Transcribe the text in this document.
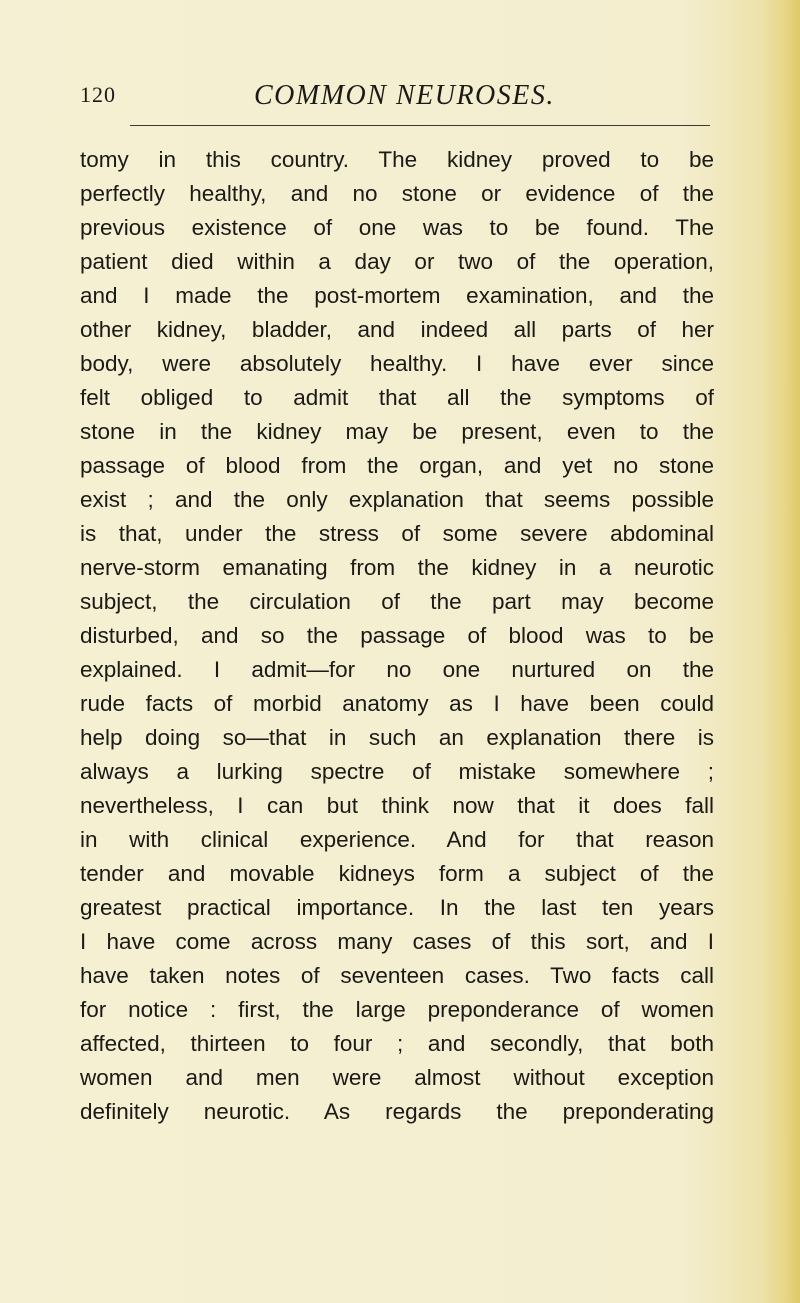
120	COMMON NEUROSES.
tomy in this country. The kidney proved to be
perfectly healthy, and no stone or evidence of the
previous existence of one was to be found. The
patient died within a day or two of the operation,
and I made the post-mortem examination, and the
other kidney, bladder, and indeed all parts of her
body, were absolutely healthy. I have ever since
felt obliged to admit that all the symptoms of
stone in the kidney may be present, even to the
passage of blood from the organ, and yet no stone
exist ; and the only explanation that seems possible
is that, under the stress of some severe abdominal
nerve-storm emanating from the kidney in a neurotic
subject, the circulation of the part may become
disturbed, and so the passage of blood was to be
explained. I admit—for no one nurtured on the
rude facts of morbid anatomy as I have been could
help doing so—that in such an explanation there is
always a lurking spectre of mistake somewhere ;
nevertheless, I can but think now that it does fall
in with clinical experience. And for that reason
tender and movable kidneys form a subject of the
greatest practical importance. In the last ten years
I have come across many cases of this sort, and I
have taken notes of seventeen cases. Two facts call
for notice : first, the large preponderance of women
affected, thirteen to four ; and secondly, that both
women and men were almost without exception
definitely neurotic. As regards the preponderating
